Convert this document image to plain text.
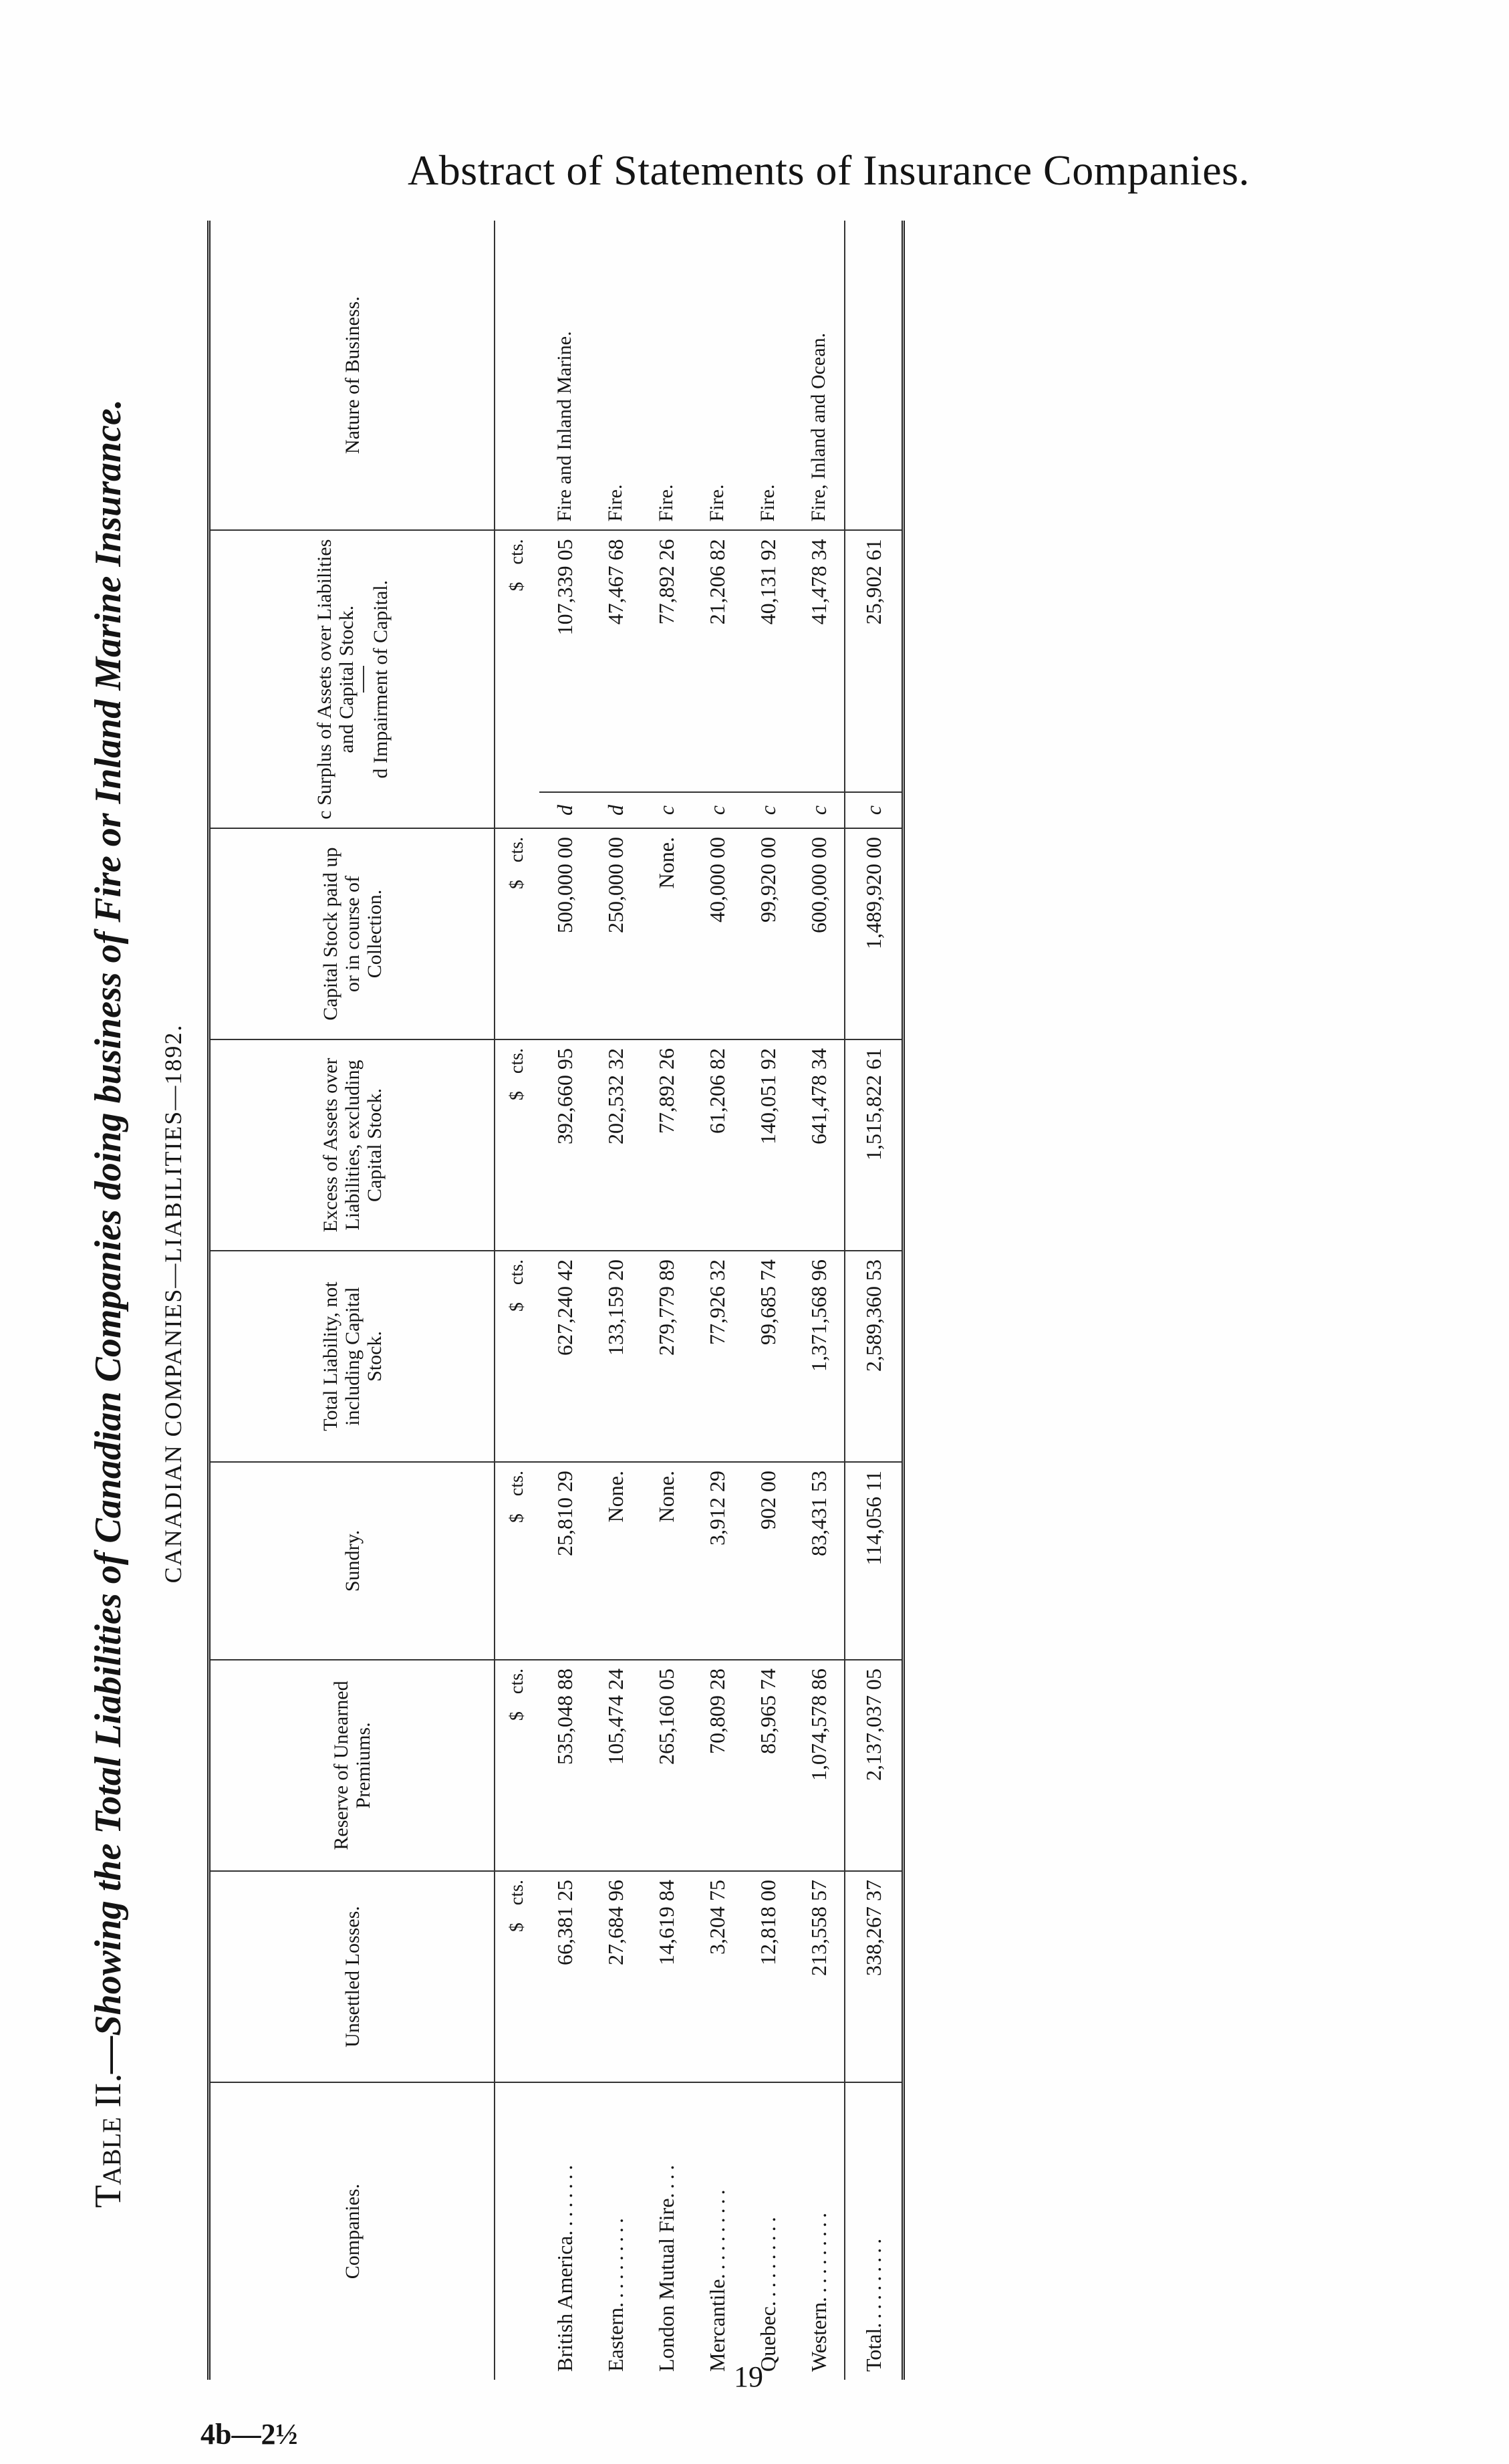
Abstract of Statements of Insurance Companies.
Table II.—Showing the Total Liabilities of Canadian Companies doing business of Fire or Inland Marine Insurance. CANADIAN COMPANIES—LIABILITIES—1892.
Companies.	Unsettled Losses.	Reserve of Unearned Premiums.	Sundry.	Total Liability, not including Capital Stock.	Excess of Assets over Liabilities, excluding Capital Stock.	Capital Stock paid up or in course of Collection.	c Surplus of Assets over Liabilities and Capital Stock. d Impairment of Capital.		Nature of Business.
	$cts.	$cts.	$cts.	$cts.	$cts.	$cts.	$cts.		
British America........	66,381 25	535,048 88	25,810 29	627,240 42	392,660 95	500,000 00	d	107,339 05	Fire and Inland Marine.
Eastern..........	27,684 96	105,474 24	None.	133,159 20	202,532 32	250,000 00	d	47,467 68	Fire.
London Mutual Fire....	14,619 84	265,160 05	None.	279,779 89	77,892 26	None.	c	77,892 26	Fire.
Mercantile..........	3,204 75	70,809 28	3,912 29	77,926 32	61,206 82	40,000 00	c	21,206 82	Fire.
Quebec..........	12,818 00	85,965 74	902 00	99,685 74	140,051 92	99,920 00	c	40,131 92	Fire.
Western..........	213,558 57	1,074,578 86	83,431 53	1,371,568 96	641,478 34	600,000 00	c	41,478 34	Fire, Inland and Ocean.
Total..........	338,267 37	2,137,037 05	114,056 11	2,589,360 53	1,515,822 61	1,489,920 00	c	25,902 61	
19
4b—2½
